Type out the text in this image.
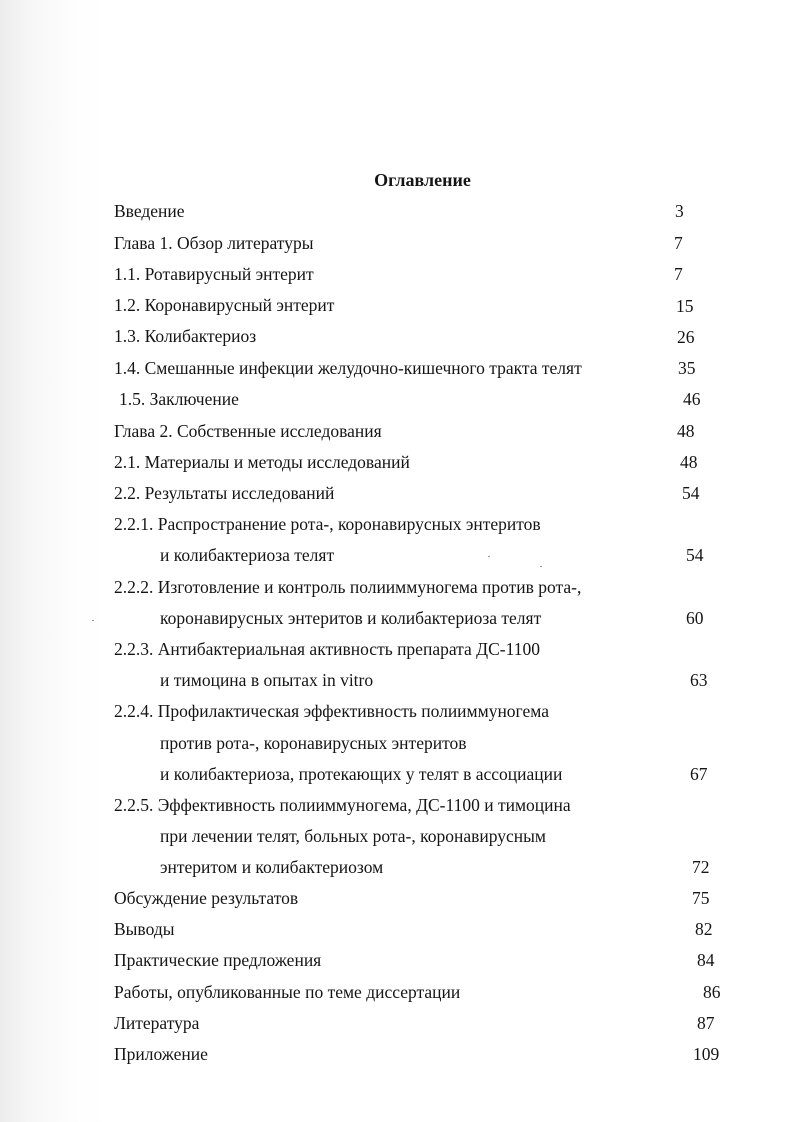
Оглавление
Введение	3
Глава 1. Обзор литературы	7
1.1. Ротавирусный энтерит	7
1.2. Коронавирусный энтерит	15
1.3. Колибактериоз	26
1.4. Смешанные инфекции желудочно-кишечного тракта телят	35
1.5. Заключение	46
Глава 2. Собственные исследования	48
2.1. Материалы и методы исследований	48
2.2. Результаты исследований	54
2.2.1. Распространение рота-, коронавирусных энтеритов
и колибактериоза телят	54
2.2.2. Изготовление и контроль полииммуногема против рота-,
коронавирусных энтеритов и колибактериоза телят	60
2.2.3. Антибактериальная активность препарата ДС-1100
и тимоцина в опытах in vitro	63
2.2.4. Профилактическая эффективность полииммуногема
против рота-, коронавирусных энтеритов
и колибактериоза, протекающих у телят в ассоциации	67
2.2.5. Эффективность полииммуногема, ДС-1100 и тимоцина
при лечении телят, больных рота-, коронавирусным
энтеритом и колибактериозом	72
Обсуждение результатов	75
Выводы	82
Практические предложения	84
Работы, опубликованные по теме диссертации	86
Литература	87
Приложение	109
